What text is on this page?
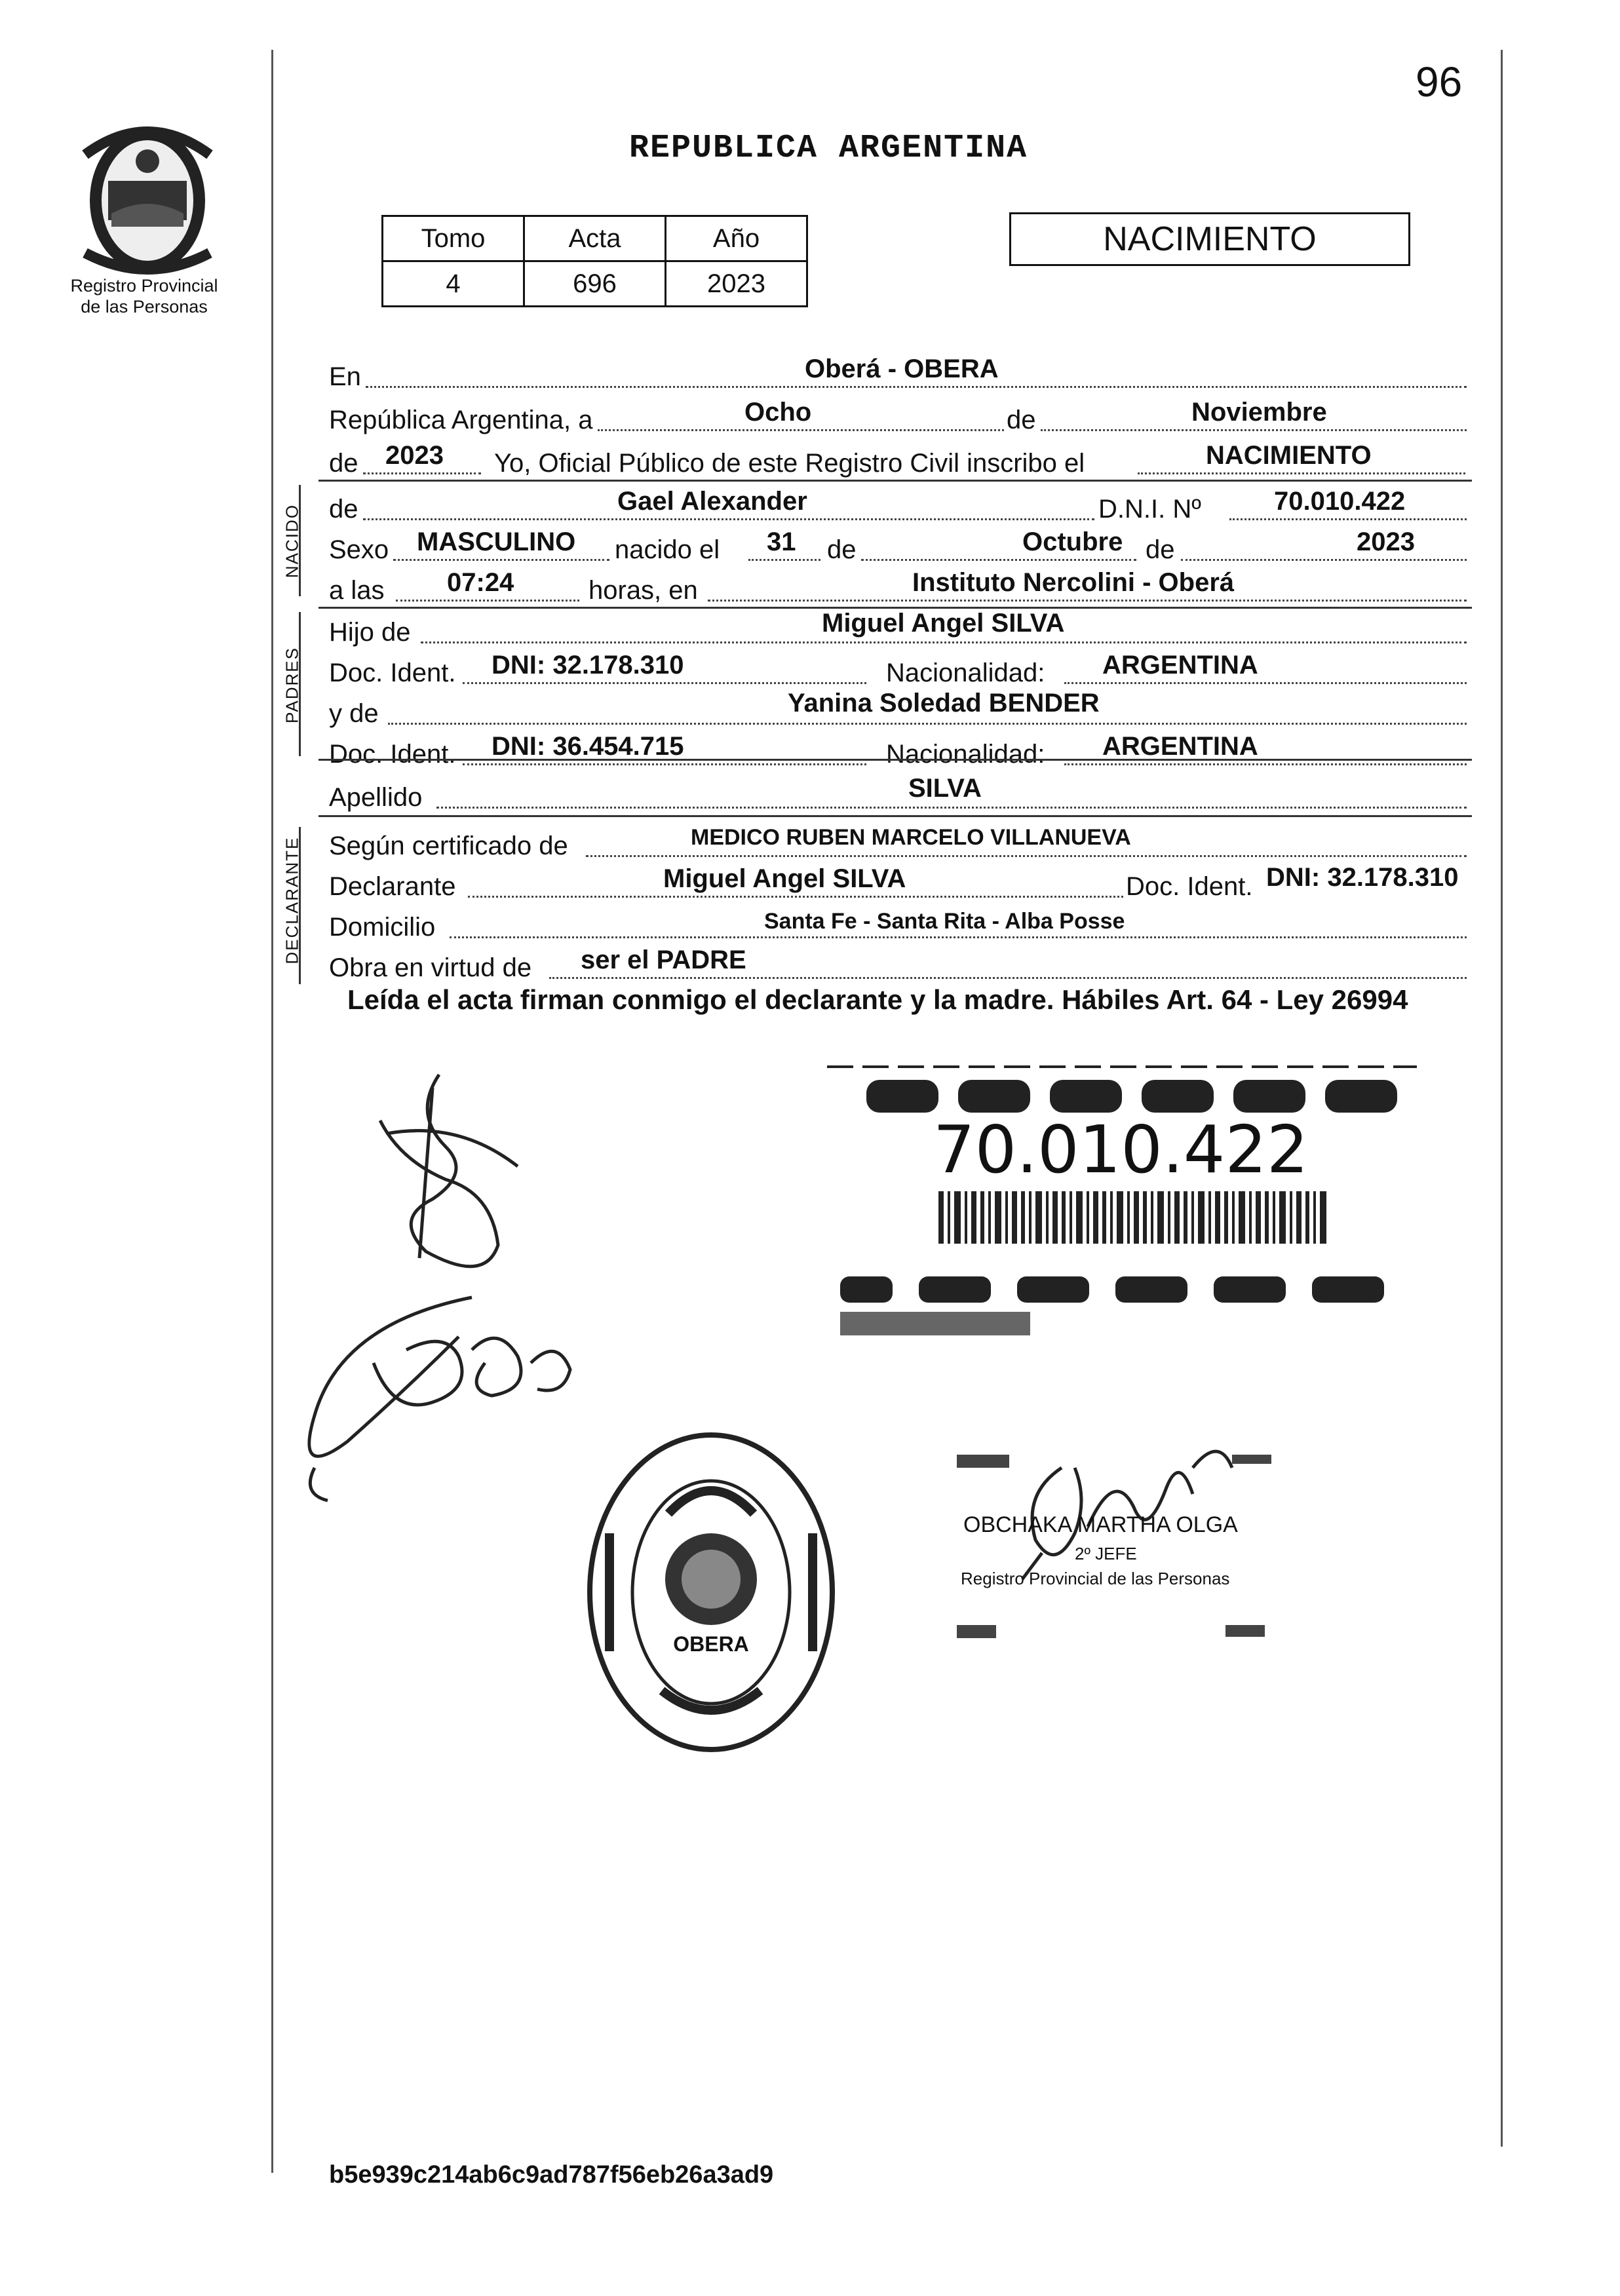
96
REPUBLICA ARGENTINA
Registro Provincial
de las Personas
Tomo	Acta	Año
4	696	2023
NACIMIENTO
En	Oberá - OBERA
República Argentina, a	Ocho	de	Noviembre
de 2023 Yo, Oficial Público de este Registro Civil inscribo el	NACIMIENTO
NACIDO de	Gael Alexander	D.N.I. Nº	70.010.422
Sexo MASCULINO nacido el 31 de	Octubre de	2023
a las 07:24	horas, en	Instituto Nercolini - Oberá
PADRES
Hijo de	Miguel Angel SILVA
Doc. Ident. DNI: 32.178.310	Nacionalidad: ARGENTINA
y de	Yanina Soledad BENDER
Doc. Ident. DNI: 36.454.715	Nacionalidad: ARGENTINA
Apellido	SILVA
DECLARANTE Según certificado de	MEDICO RUBEN MARCELO VILLANUEVA
Declarante	Miguel Angel SILVA	Doc. Ident. DNI: 32.178.310
Domicilio	Santa Fe - Santa Rita - Alba Posse
Obra en virtud de ser el PADRE
Leída el acta firman conmigo el declarante y la madre. Hábiles Art. 64 - Ley 26994
70.010.422
OBERA
OBCHAKA MARTHA OLGA
2º JEFE
Registro Provincial de las Personas
b5e939c214ab6c9ad787f56eb26a3ad9
